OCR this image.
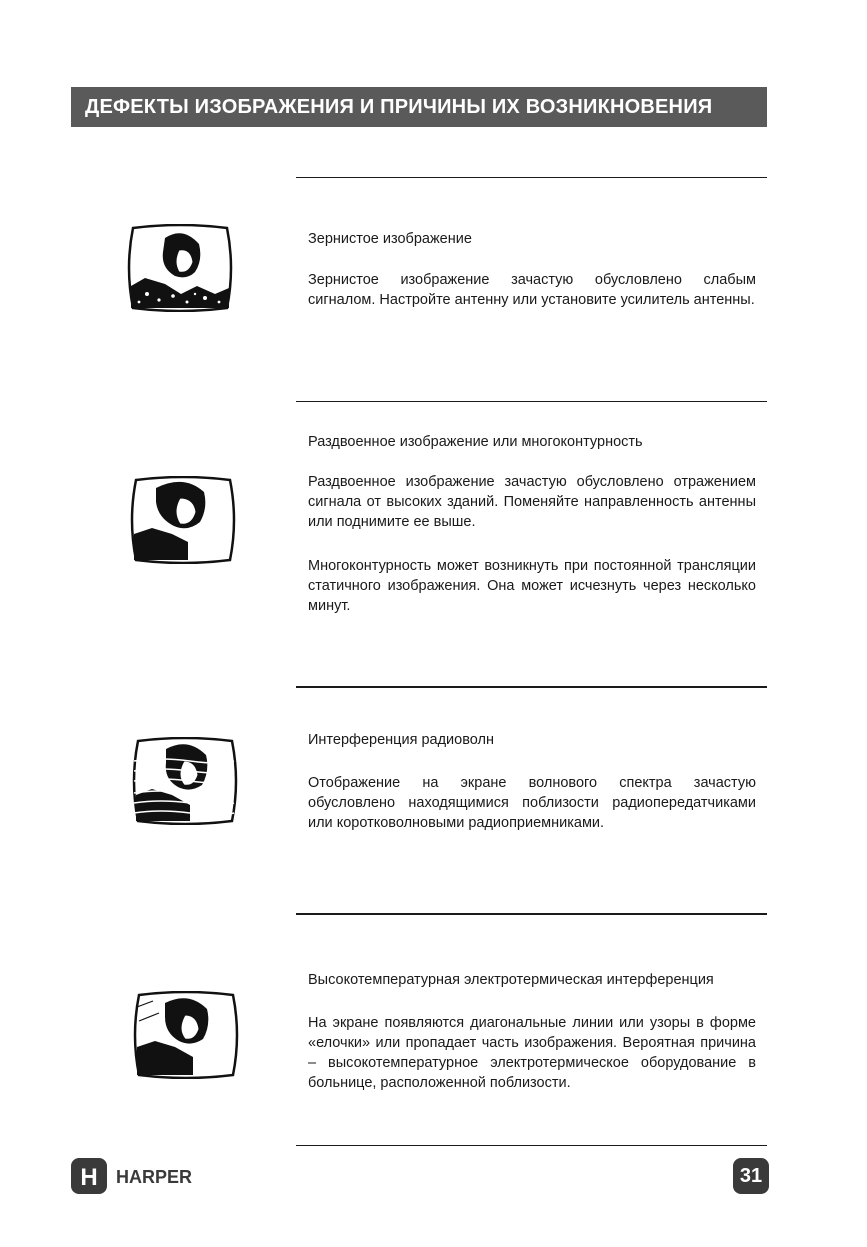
ДЕФЕКТЫ ИЗОБРАЖЕНИЯ И ПРИЧИНЫ ИХ ВОЗНИКНОВЕНИЯ
Зернистое изображение

Зернистое изображение зачастую обусловлено слабым сигналом. Настройте антенну или установите усилитель антенны.

Раздвоенное изображение или многоконтурность

Раздвоенное изображение зачастую обусловлено отражением сигнала от высоких зданий. Поменяйте направленность антенны или поднимите ее выше.

Многоконтурность может возникнуть при постоянной трансляции статичного изображения. Она может исчезнуть через несколько минут.

Интерференция радиоволн

Отображение на экране волнового спектра зачастую обусловлено находящимися поблизости радиопередатчиками или коротковолновыми радиоприемниками.

Высокотемпературная электротермическая интерференция

На экране появляются диагональные линии или узоры в форме «елочки» или пропадает часть изображения. Вероятная причина – высокотемпературное электротермическое оборудование в больнице, расположенной поблизости.

H HARPER	31
